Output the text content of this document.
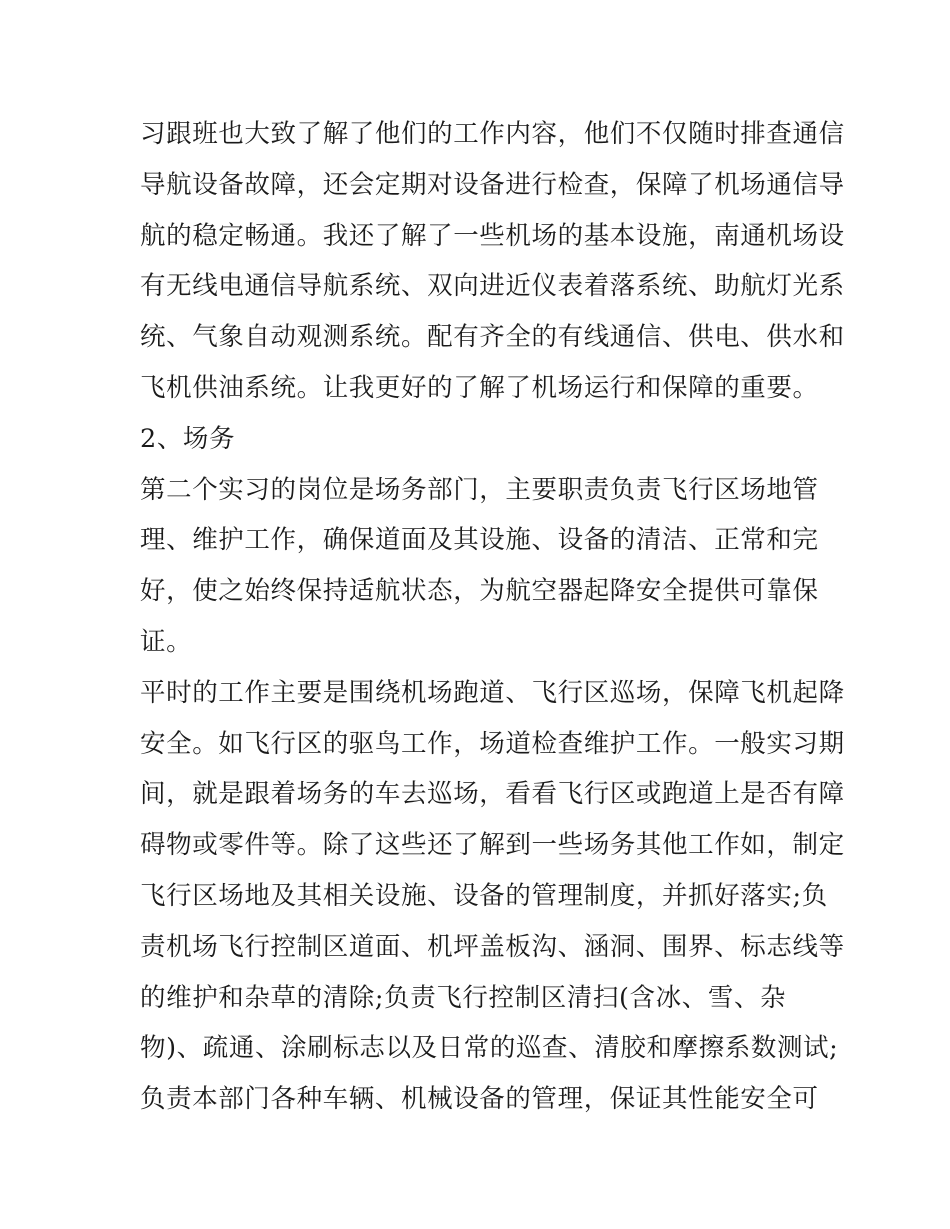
习跟班也大致了解了他们的工作内容，他们不仅随时排查通信
导航设备故障，还会定期对设备进行检查，保障了机场通信导
航的稳定畅通。我还了解了一些机场的基本设施，南通机场设
有无线电通信导航系统、双向进近仪表着落系统、助航灯光系
统、气象自动观测系统。配有齐全的有线通信、供电、供水和
飞机供油系统。让我更好的了解了机场运行和保障的重要。
2、场务
第二个实习的岗位是场务部门，主要职责负责飞行区场地管
理、维护工作，确保道面及其设施、设备的清洁、正常和完
好，使之始终保持适航状态，为航空器起降安全提供可靠保
证。
平时的工作主要是围绕机场跑道、飞行区巡场，保障飞机起降
安全。如飞行区的驱鸟工作，场道检查维护工作。一般实习期
间，就是跟着场务的车去巡场，看看飞行区或跑道上是否有障
碍物或零件等。除了这些还了解到一些场务其他工作如，制定
飞行区场地及其相关设施、设备的管理制度，并抓好落实;负
责机场飞行控制区道面、机坪盖板沟、涵洞、围界、标志线等
的维护和杂草的清除;负责飞行控制区清扫(含冰、雪、杂
物)、疏通、涂刷标志以及日常的巡查、清胶和摩擦系数测试;
负责本部门各种车辆、机械设备的管理，保证其性能安全可
